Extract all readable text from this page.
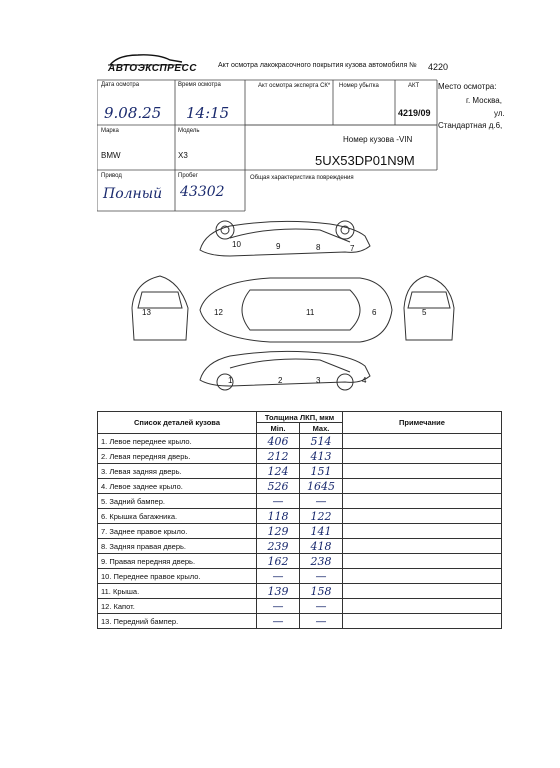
АВТОЭКСПРЕСС	Акт осмотра лакокрасочного покрытия кузова автомобиля № 4220
Дата осмотра
9.08.25
Время осмотра
14:15
Акт осмотра эксперта СК* Номер убытка	АКТ
4219/09
Место осмотра:
г. Москва,
ул.
Стандартная д.6,
Марка
BMW
Модель
X3
Номер кузова -VIN
5UX53DP01N9M
Привод
Полный
Пробег
43302
Общая характеристика повреждения
10	9	8	7
13	12	11	6	5
1	2	3	4
Список деталей кузова	Толщина ЛКП, мкм		Примечание
	Min.	Max.	
1. Левое переднее крыло.	406	514	
2. Левая передняя дверь.	212	413	
3. Левая задняя дверь.	124	151	
4. Левое заднее крыло.	526	1645	
5. Задний бампер.	—	—	
6. Крышка багажника.	118	122	
7. Заднее правое крыло.	129	141	
8. Задняя правая дверь.	239	418	
9. Правая передняя дверь.	162	238	
10. Переднее правое крыло.	—	—	
11. Крыша.	139	158	
12. Капот.	—	—	
13. Передний бампер.	—	—	
